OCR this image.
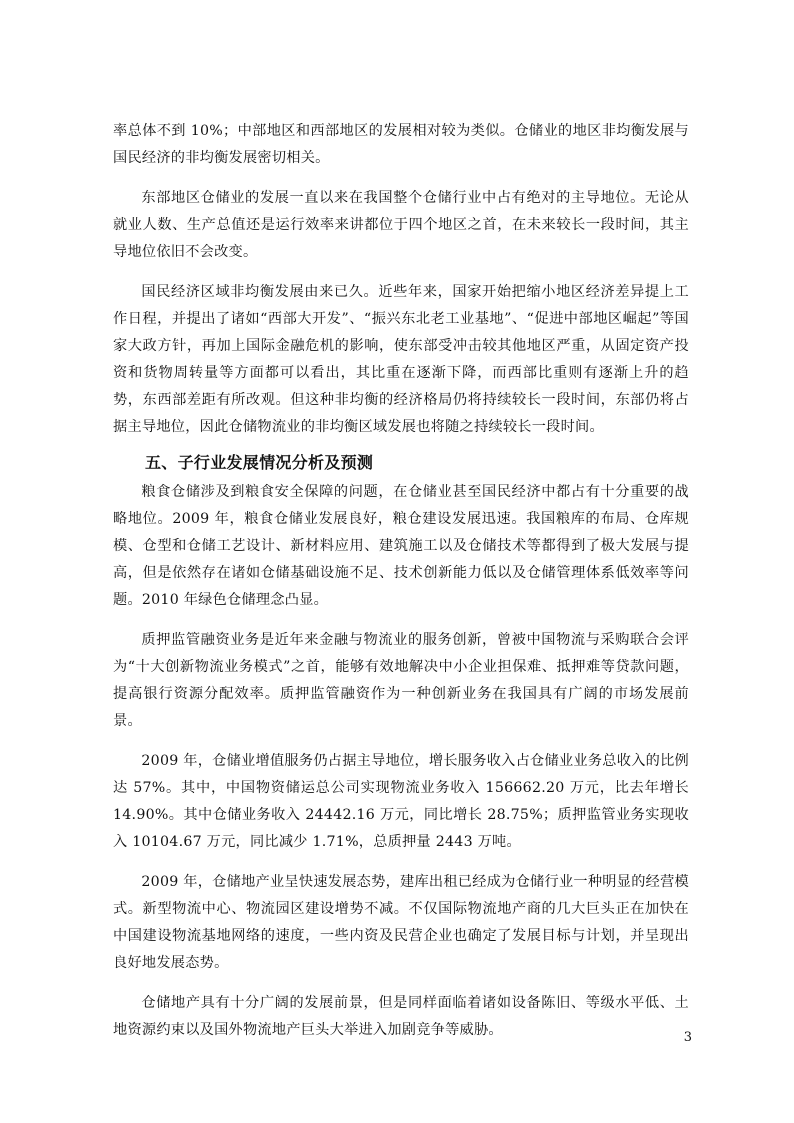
率总体不到 10%；中部地区和西部地区的发展相对较为类似。仓储业的地区非均衡发展与国民经济的非均衡发展密切相关。

东部地区仓储业的发展一直以来在我国整个仓储行业中占有绝对的主导地位。无论从就业人数、生产总值还是运行效率来讲都位于四个地区之首，在未来较长一段时间，其主导地位依旧不会改变。

国民经济区域非均衡发展由来已久。近些年来，国家开始把缩小地区经济差异提上工作日程，并提出了诸如“西部大开发”、“振兴东北老工业基地”、“促进中部地区崛起”等国家大政方针，再加上国际金融危机的影响，使东部受冲击较其他地区严重，从固定资产投资和货物周转量等方面都可以看出，其比重在逐渐下降，而西部比重则有逐渐上升的趋势，东西部差距有所改观。但这种非均衡的经济格局仍将持续较长一段时间，东部仍将占据主导地位，因此仓储物流业的非均衡区域发展也将随之持续较长一段时间。

五、子行业发展情况分析及预测

粮食仓储涉及到粮食安全保障的问题，在仓储业甚至国民经济中都占有十分重要的战略地位。2009 年，粮食仓储业发展良好，粮仓建设发展迅速。我国粮库的布局、仓库规模、仓型和仓储工艺设计、新材料应用、建筑施工以及仓储技术等都得到了极大发展与提高，但是依然存在诸如仓储基础设施不足、技术创新能力低以及仓储管理体系低效率等问题。2010 年绿色仓储理念凸显。

质押监管融资业务是近年来金融与物流业的服务创新，曾被中国物流与采购联合会评为“十大创新物流业务模式”之首，能够有效地解决中小企业担保难、抵押难等贷款问题，提高银行资源分配效率。质押监管融资作为一种创新业务在我国具有广阔的市场发展前景。

2009 年，仓储业增值服务仍占据主导地位，增长服务收入占仓储业业务总收入的比例达 57%。其中，中国物资储运总公司实现物流业务收入 156662.20 万元，比去年增长 14.90%。其中仓储业务收入 24442.16 万元，同比增长 28.75%；质押监管业务实现收入 10104.67 万元，同比减少 1.71%，总质押量 2443 万吨。

2009 年，仓储地产业呈快速发展态势，建库出租已经成为仓储行业一种明显的经营模式。新型物流中心、物流园区建设增势不减。不仅国际物流地产商的几大巨头正在加快在中国建设物流基地网络的速度，一些内资及民营企业也确定了发展目标与计划，并呈现出良好地发展态势。

仓储地产具有十分广阔的发展前景，但是同样面临着诸如设备陈旧、等级水平低、土地资源约束以及国外物流地产巨头大举进入加剧竞争等威胁。	3
